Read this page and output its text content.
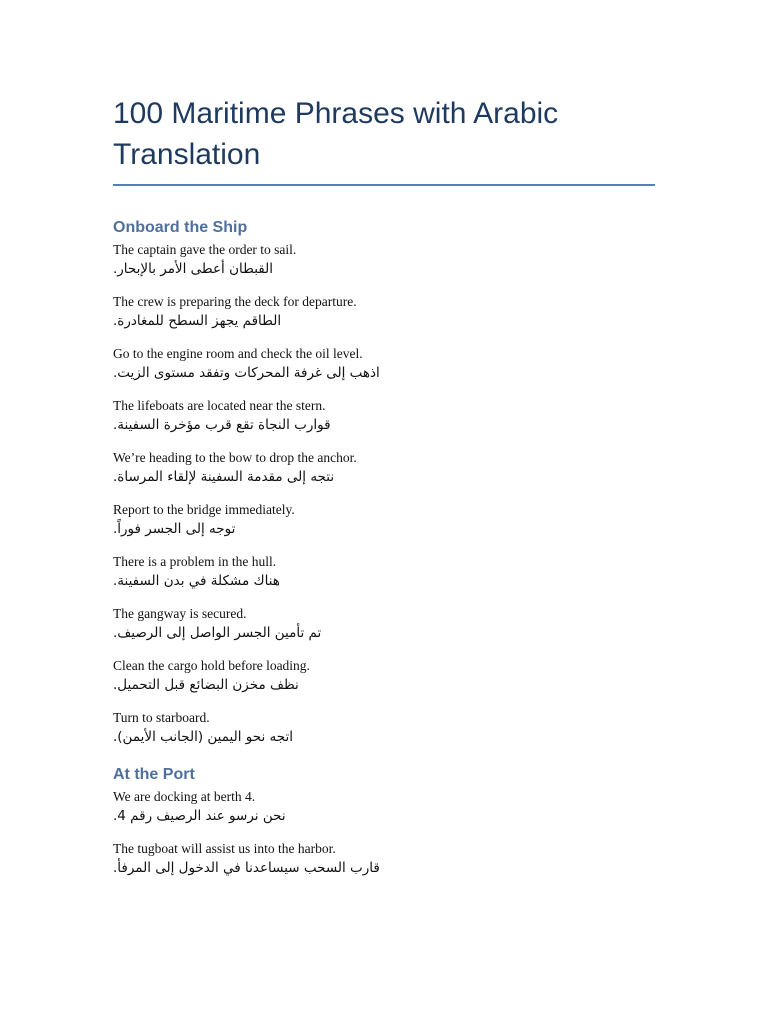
100 Maritime Phrases with Arabic Translation
Onboard the Ship
The captain gave the order to sail.
القبطان أعطى الأمر بالإبحار.
The crew is preparing the deck for departure.
الطاقم يجهز السطح للمغادرة.
Go to the engine room and check the oil level.
اذهب إلى غرفة المحركات وتفقد مستوى الزيت.
The lifeboats are located near the stern.
قوارب النجاة تقع قرب مؤخرة السفينة.
We’re heading to the bow to drop the anchor.
نتجه إلى مقدمة السفينة لإلقاء المرساة.
Report to the bridge immediately.
توجه إلى الجسر فوراً.
There is a problem in the hull.
هناك مشكلة في بدن السفينة.
The gangway is secured.
تم تأمين الجسر الواصل إلى الرصيف.
Clean the cargo hold before loading.
نظف مخزن البضائع قبل التحميل.
Turn to starboard.
اتجه نحو اليمين (الجانب الأيمن).
At the Port
We are docking at berth 4.
نحن نرسو عند الرصيف رقم 4.
The tugboat will assist us into the harbor.
قارب السحب سيساعدنا في الدخول إلى المرفأ.
